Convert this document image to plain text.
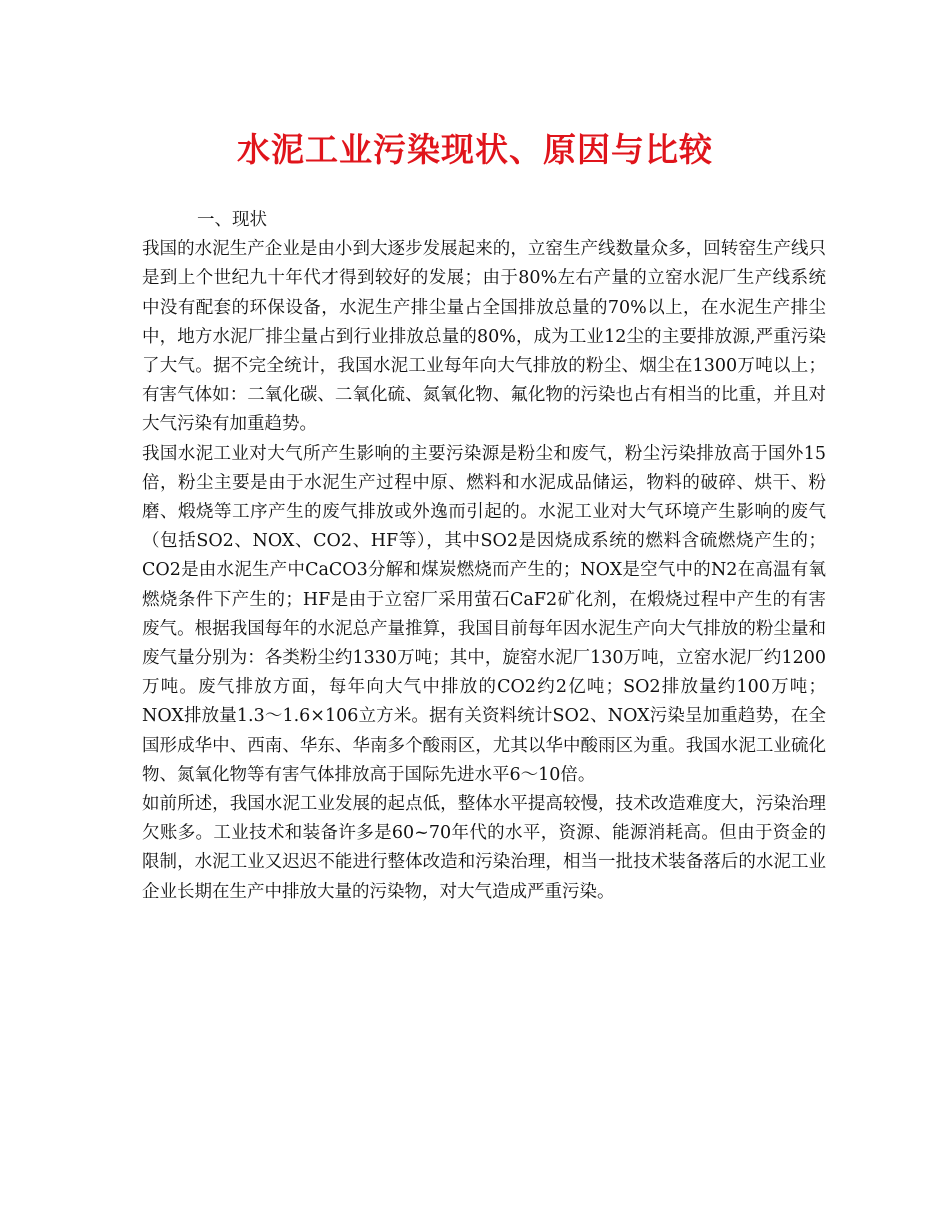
水泥工业污染现状、原因与比较

一、现状

我国的水泥生产企业是由小到大逐步发展起来的，立窑生产线数量众多，回转窑生产线只是到上个世纪九十年代才得到较好的发展；由于80%左右产量的立窑水泥厂生产线系统中没有配套的环保设备，水泥生产排尘量占全国排放总量的70%以上，在水泥生产排尘中，地方水泥厂排尘量占到行业排放总量的80%，成为工业12尘的主要排放源,严重污染了大气。据不完全统计，我国水泥工业每年向大气排放的粉尘、烟尘在1300万吨以上；有害气体如：二氧化碳、二氧化硫、氮氧化物、氟化物的污染也占有相当的比重，并且对大气污染有加重趋势。

我国水泥工业对大气所产生影响的主要污染源是粉尘和废气，粉尘污染排放高于国外15倍，粉尘主要是由于水泥生产过程中原、燃料和水泥成品储运，物料的破碎、烘干、粉磨、煅烧等工序产生的废气排放或外逸而引起的。水泥工业对大气环境产生影响的废气（包括SO2、NOX、CO2、HF等），其中SO2是因烧成系统的燃料含硫燃烧产生的；CO2是由水泥生产中CaCO3分解和煤炭燃烧而产生的；NOX是空气中的N2在高温有氧燃烧条件下产生的；HF是由于立窑厂采用萤石CaF2矿化剂，在煅烧过程中产生的有害废气。根据我国每年的水泥总产量推算，我国目前每年因水泥生产向大气排放的粉尘量和废气量分别为：各类粉尘约1330万吨；其中，旋窑水泥厂130万吨，立窑水泥厂约1200万吨。废气排放方面，每年向大气中排放的CO2约2亿吨；SO2排放量约100万吨；NOX排放量1.3～1.6×106立方米。据有关资料统计SO2、NOX污染呈加重趋势，在全国形成华中、西南、华东、华南多个酸雨区，尤其以华中酸雨区为重。我国水泥工业硫化物、氮氧化物等有害气体排放高于国际先进水平6～10倍。

如前所述，我国水泥工业发展的起点低，整体水平提高较慢，技术改造难度大，污染治理欠账多。工业技术和装备许多是60~70年代的水平，资源、能源消耗高。但由于资金的限制，水泥工业又迟迟不能进行整体改造和污染治理，相当一批技术装备落后的水泥工业企业长期在生产中排放大量的污染物，对大气造成严重污染。
